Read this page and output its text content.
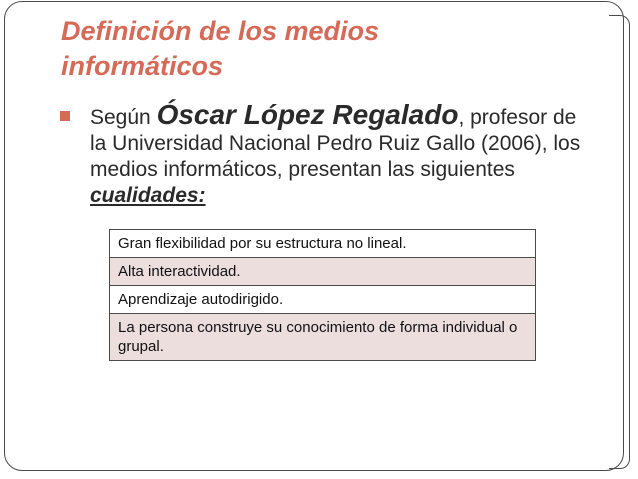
Definición de los medios
informáticos
Según Óscar López Regalado, profesor de la Universidad Nacional Pedro Ruiz Gallo (2006), los medios informáticos, presentan las siguientes cualidades:
Gran flexibilidad por su estructura no lineal.
Alta interactividad.
Aprendizaje autodirigido.
La persona construye su conocimiento de forma individual o grupal.
